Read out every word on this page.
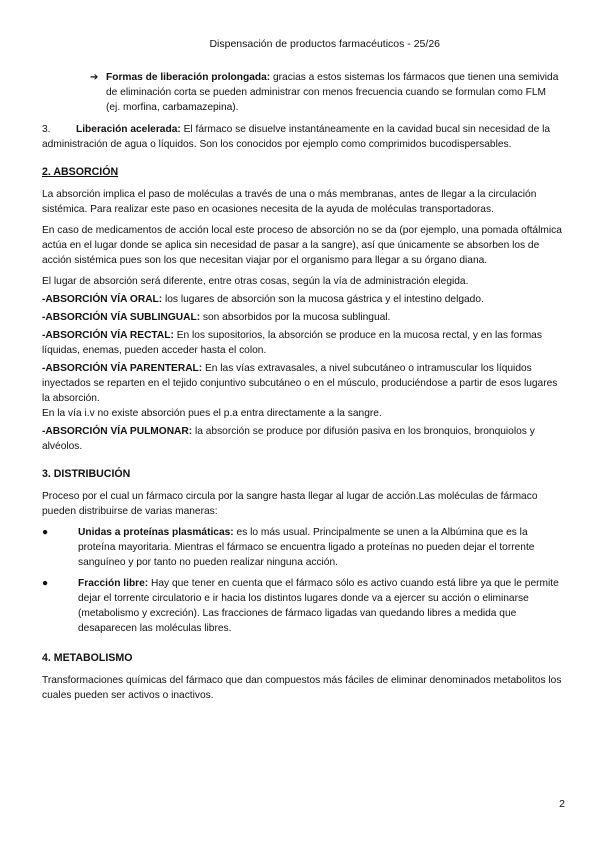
Dispensación de productos farmacéuticos - 25/26
➔ Formas de liberación prolongada: gracias a estos sistemas los fármacos que tienen una semivida de eliminación corta se pueden administrar con menos frecuencia cuando se formulan como FLM (ej. morfina, carbamazepina).

3.	Liberación acelerada: El fármaco se disuelve instantáneamente en la cavidad bucal sin necesidad de la administración de agua o líquidos. Son los conocidos por ejemplo como comprimidos bucodispersables.

2. ABSORCIÓN

La absorción implica el paso de moléculas a través de una o más membranas, antes de llegar a la circulación sistémica. Para realizar este paso en ocasiones necesita de la ayuda de moléculas transportadoras.

En caso de medicamentos de acción local este proceso de absorción no se da (por ejemplo, una pomada oftálmica actúa en el lugar donde se aplica sin necesidad de pasar a la sangre), así que únicamente se absorben los de acción sistémica pues son los que necesitan viajar por el organismo para llegar a su órgano diana.

El lugar de absorción será diferente, entre otras cosas, según la vía de administración elegida.

-ABSORCIÓN VÍA ORAL: los lugares de absorción son la mucosa gástrica y el intestino delgado.

-ABSORCIÓN VÍA SUBLINGUAL: son absorbidos por la mucosa sublingual.

-ABSORCIÓN VÍA RECTAL: En los supositorios, la absorción se produce en la mucosa rectal, y en las formas líquidas, enemas, pueden acceder hasta el colon.

-ABSORCIÓN VÍA PARENTERAL: En las vías extravasales, a nivel subcutáneo o intramuscular los líquidos inyectados se reparten en el tejido conjuntivo subcutáneo o en el músculo, produciéndose a partir de esos lugares la absorción.

En la vía i.v no existe absorción pues el p.a entra directamente a la sangre.

-ABSORCIÓN VÍA PULMONAR: la absorción se produce por difusión pasiva en los bronquios, bronquiolos y alvéolos.

3. DISTRIBUCIÓN

Proceso por el cual un fármaco circula por la sangre hasta llegar al lugar de acción.Las moléculas de fármaco pueden distribuirse de varias maneras:

●	Unidas a proteínas plasmáticas: es lo más usual. Principalmente se unen a la Albúmina que es la proteína mayoritaria. Mientras el fármaco se encuentra ligado a proteínas no pueden dejar el torrente sanguíneo y por tanto no pueden realizar ninguna acción.
●	Fracción libre: Hay que tener en cuenta que el fármaco sólo es activo cuando está libre ya que le permite dejar el torrente circulatorio e ir hacia los distintos lugares donde va a ejercer su acción o eliminarse (metabolismo y excreción). Las fracciones de fármaco ligadas van quedando libres a medida que desaparecen las moléculas libres.
4. METABOLISMO

Transformaciones químicas del fármaco que dan compuestos más fáciles de eliminar denominados metabolitos los cuales pueden ser activos o inactivos.

2
